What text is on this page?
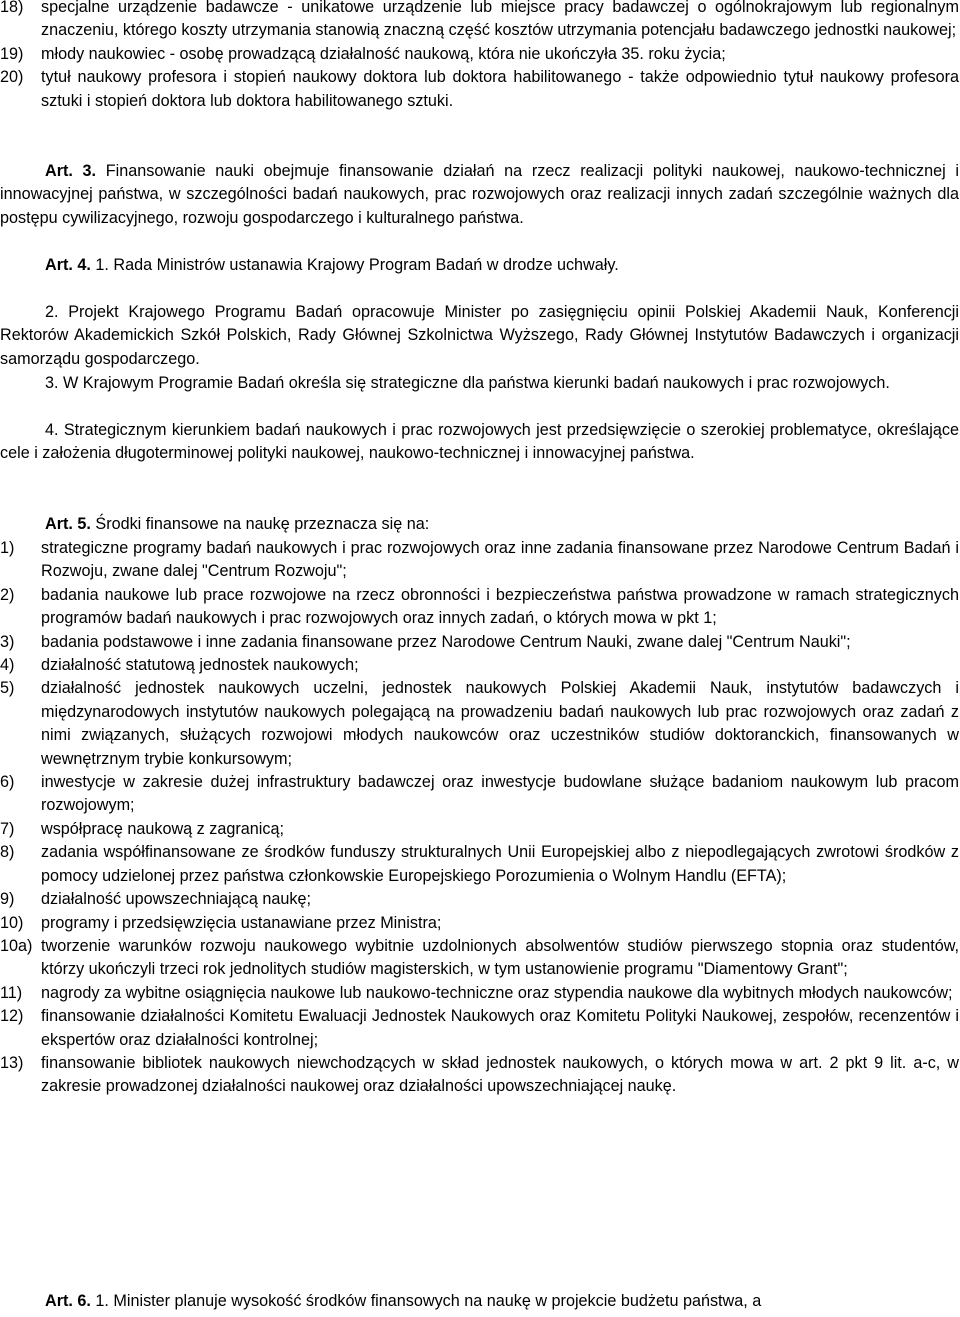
18)	specjalne urządzenie badawcze - unikatowe urządzenie lub miejsce pracy badawczej o ogólnokrajowym lub regionalnym znaczeniu, którego koszty utrzymania stanowią znaczną część kosztów utrzymania potencjału badawczego jednostki naukowej;
19)	młody naukowiec - osobę prowadzącą działalność naukową, która nie ukończyła 35. roku życia;
20)	tytuł naukowy profesora i stopień naukowy doktora lub doktora habilitowanego - także odpowiednio tytuł naukowy profesora sztuki i stopień doktora lub doktora habilitowanego sztuki.
Art. 3. Finansowanie nauki obejmuje finansowanie działań na rzecz realizacji polityki naukowej, naukowo-technicznej i innowacyjnej państwa, w szczególności badań naukowych, prac rozwojowych oraz realizacji innych zadań szczególnie ważnych dla postępu cywilizacyjnego, rozwoju gospodarczego i kulturalnego państwa.
Art. 4. 1. Rada Ministrów ustanawia Krajowy Program Badań w drodze uchwały.
2. Projekt Krajowego Programu Badań opracowuje Minister po zasięgnięciu opinii Polskiej Akademii Nauk, Konferencji Rektorów Akademickich Szkół Polskich, Rady Głównej Szkolnictwa Wyższego, Rady Głównej Instytutów Badawczych i organizacji samorządu gospodarczego.
3. W Krajowym Programie Badań określa się strategiczne dla państwa kierunki badań naukowych i prac rozwojowych.
4. Strategicznym kierunkiem badań naukowych i prac rozwojowych jest przedsięwzięcie o szerokiej problematyce, określające cele i założenia długoterminowej polityki naukowej, naukowo-technicznej i innowacyjnej państwa.
Art. 5. Środki finansowe na naukę przeznacza się na:
1)	strategiczne programy badań naukowych i prac rozwojowych oraz inne zadania finansowane przez Narodowe Centrum Badań i Rozwoju, zwane dalej "Centrum Rozwoju";
2)	badania naukowe lub prace rozwojowe na rzecz obronności i bezpieczeństwa państwa prowadzone w ramach strategicznych programów badań naukowych i prac rozwojowych oraz innych zadań, o których mowa w pkt 1;
3)	badania podstawowe i inne zadania finansowane przez Narodowe Centrum Nauki, zwane dalej "Centrum Nauki";
4)	działalność statutową jednostek naukowych;
5)	działalność jednostek naukowych uczelni, jednostek naukowych Polskiej Akademii Nauk, instytutów badawczych i międzynarodowych instytutów naukowych polegającą na prowadzeniu badań naukowych lub prac rozwojowych oraz zadań z nimi związanych, służących rozwojowi młodych naukowców oraz uczestników studiów doktoranckich, finansowanych w wewnętrznym trybie konkursowym;
6)	inwestycje w zakresie dużej infrastruktury badawczej oraz inwestycje budowlane służące badaniom naukowym lub pracom rozwojowym;
7)	współpracę naukową z zagranicą;
8)	zadania współfinansowane ze środków funduszy strukturalnych Unii Europejskiej albo z niepodlegających zwrotowi środków z pomocy udzielonej przez państwa członkowskie Europejskiego Porozumienia o Wolnym Handlu (EFTA);
9)	działalność upowszechniającą naukę;
10)	programy i przedsięwzięcia ustanawiane przez Ministra;
10a) tworzenie warunków rozwoju naukowego wybitnie uzdolnionych absolwentów studiów pierwszego stopnia oraz studentów, którzy ukończyli trzeci rok jednolitych studiów magisterskich, w tym ustanowienie programu "Diamentowy Grant";
11)	nagrody za wybitne osiągnięcia naukowe lub naukowo-techniczne oraz stypendia naukowe dla wybitnych młodych naukowców;
12)	finansowanie działalności Komitetu Ewaluacji Jednostek Naukowych oraz Komitetu Polityki Naukowej, zespołów, recenzentów i ekspertów oraz działalności kontrolnej;
13)	finansowanie bibliotek naukowych niewchodzących w skład jednostek naukowych, o których mowa w art. 2 pkt 9 lit. a-c, w zakresie prowadzonej działalności naukowej oraz działalności upowszechniającej naukę.
Art. 6. 1. Minister planuje wysokość środków finansowych na naukę w projekcie budżetu państwa, a
